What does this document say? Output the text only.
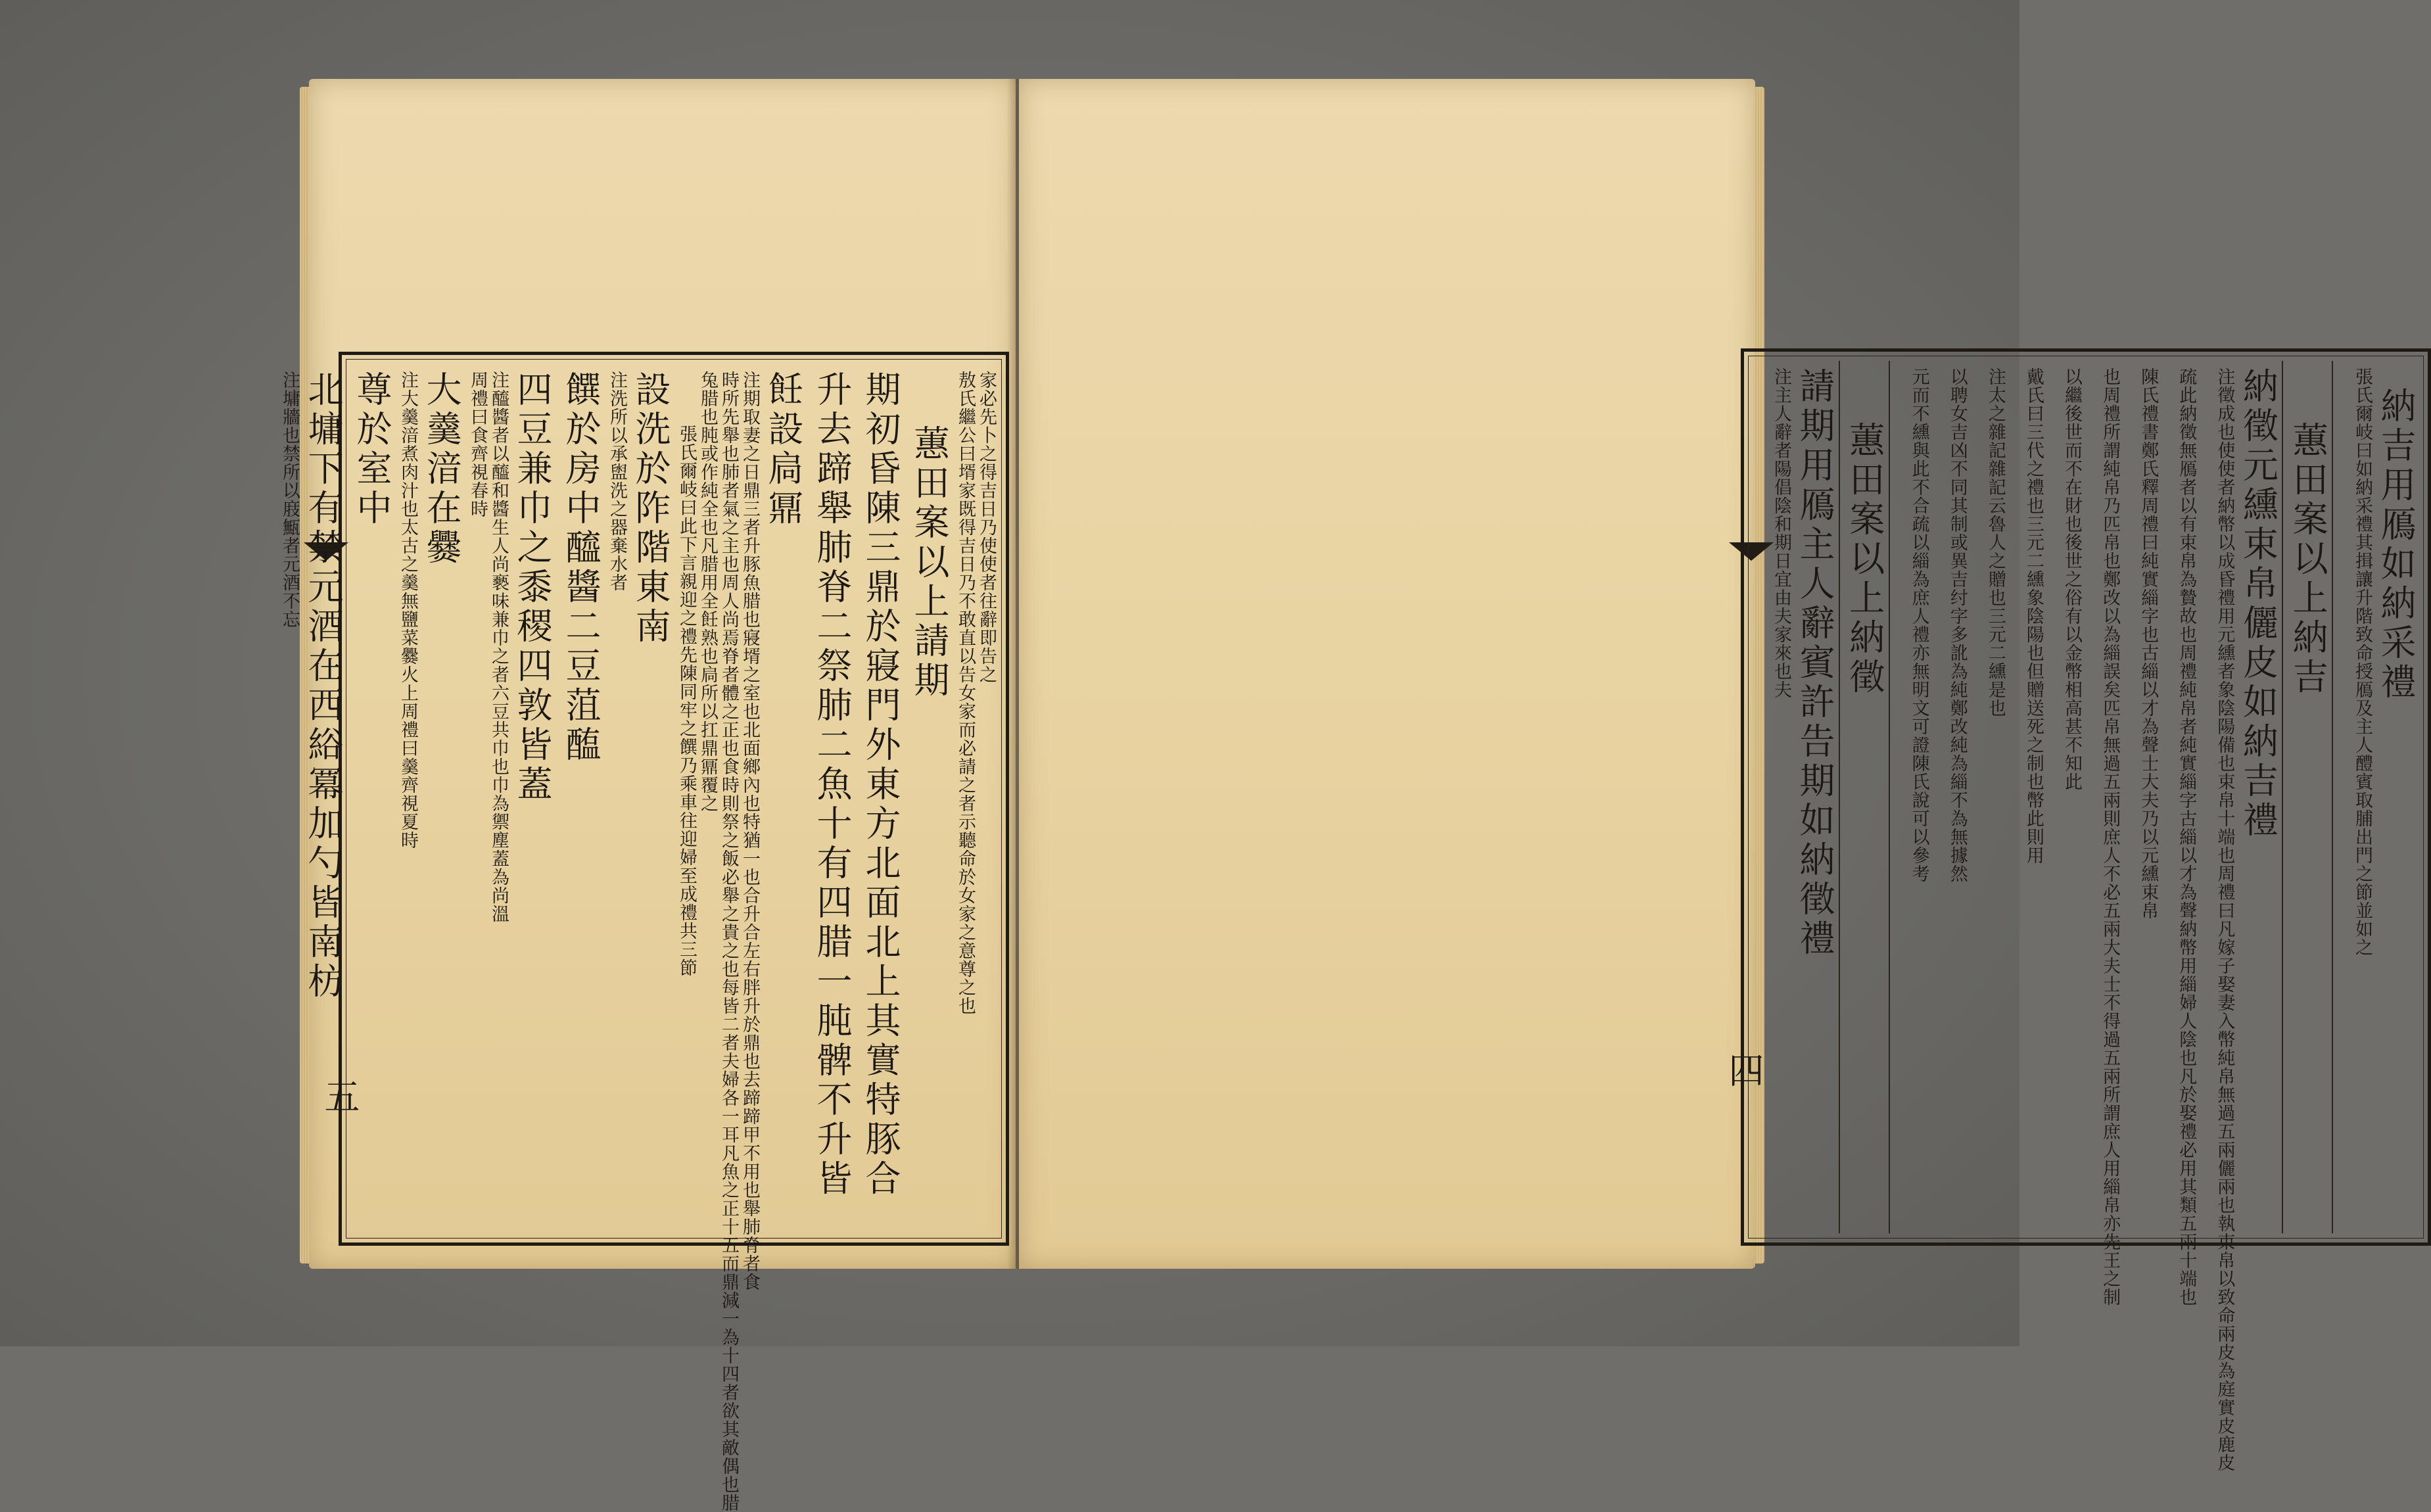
家必先卜之得吉日乃使使者往辭即告之
敖氏繼公曰壻家既得吉日乃不敢直以告女家而必請之者示聽命於女家之意尊之也
蕙田案以上請期
期初昏陳三鼎於寢門外東方北面北上其實特豚合
升去蹄舉肺脊二祭肺二魚十有四腊一肫髀不升皆
飪設扃鼏
注期取妻之日鼎三者升豚魚腊也寢壻之室也北面鄉內也特猶一也合升合左右胖升於鼎也去蹄蹄甲不用也舉肺脊者食
時所先舉也肺者氣之主也周人尚焉脊者體之正也食時則祭之飯必舉之貴之也每皆二者夫婦各一耳凡魚之正十五而鼎減一為十四者欲其敵偶也腊
兔腊也肫或作純全也凡腊用全飪熟也扃所以扛鼎鼏覆之
張氏爾岐曰此下言親迎之禮先陳同牢之饌乃乘車往迎婦至成禮共三節
設洗於阼階東南
注洗所以承盥洗之器棄水者
饌於房中醯醬二豆菹醢
四豆兼巾之黍稷四敦皆蓋
注醯醬者以醯和醬生人尚褻味兼巾之者六豆共巾也巾為禦塵蓋為尚溫
周禮曰食齊視春時
大羹湆在爨
注大羹湆煮肉汁也太古之羹無鹽菜爨火上周禮曰羹齊視夏時
尊於室中
北墉下有禁元酒在西綌冪加勺皆南枋
注墉牆也禁所以庪甒者元酒不忘
五
納吉用鴈如納采禮
張氏爾岐曰如納采禮其揖讓升階致命授鴈及主人醴賓取脯出門之節並如之
蕙田案以上納吉
納徵元纁束帛儷皮如納吉禮
注徵成也使使者納幣以成昏禮用元纁者象陰陽備也束帛十端也周禮曰凡嫁子娶妻入幣純帛無過五兩儷兩也執束帛以致命兩皮為庭實皮鹿皮
疏此納徵無鴈者以有束帛為贄故也周禮純帛者純實緇字古緇以才為聲納幣用緇婦人陰也凡於娶禮必用其類五兩十端也
陳氏禮書鄭氏釋周禮曰純實緇字也古緇以才為聲士大夫乃以元纁束帛
也周禮所謂純帛乃匹帛也鄭改以為緇誤矣匹帛無過五兩則庶人不必五兩大夫士不得過五兩所謂庶人用緇帛亦先王之制
以繼後世而不在財也後世之俗有以金幣相高甚不知此
戴氏曰三代之禮也三元二纁象陰陽也但贈送死之制也幣此則用
注太之雜記雜記云魯人之贈也三元二纁是也
以聘女吉凶不同其制或異吉纣字多訛為純鄭改純為緇不為無據然
元而不纁與此不合疏以緇為庶人禮亦無明文可證陳氏說可以參考
蕙田案以上納徵
請期用鴈主人辭賓許告期如納徵禮
注主人辭者陽倡陰和期日宜由夫家來也夫
四
